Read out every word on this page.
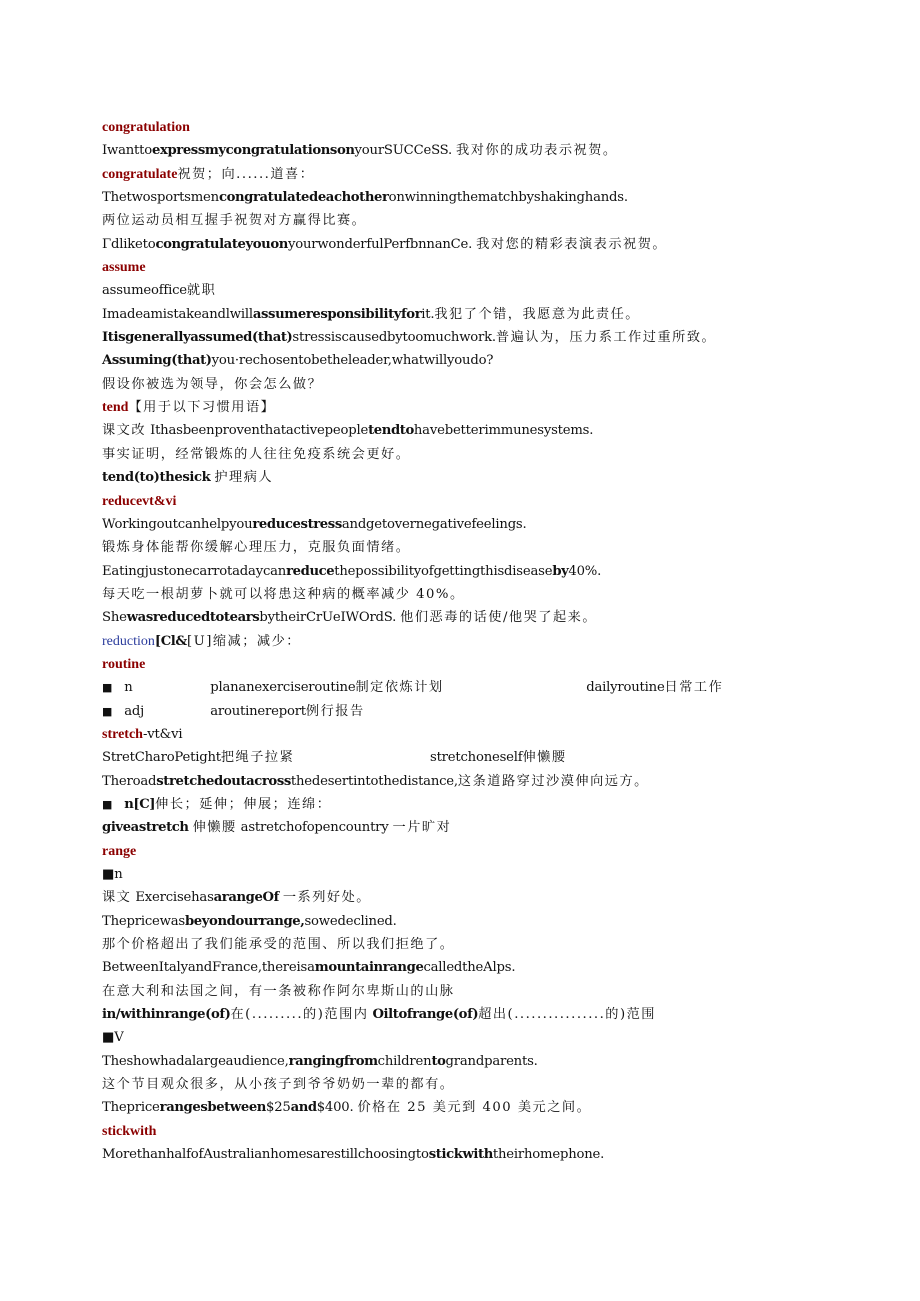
congratulation
IwanttoexpressmycongratulationsonyourSUCCeSS. 我对你的成功表示祝贺。
congratulate祝贺；向......道喜：
Thetwosportsmencongratulatedeachotheronwinningthematchbyshakinghands.
两位运动员相互握手祝贺对方赢得比赛。
ΓdliketocongratulateyouonyourwonderfulPerfbnnanCe. 我对您的精彩表演表示祝贺。
assume
assumeoffice就职
Imadeamistakeandlwillassumeresponsibilityforit.我犯了个错，我愿意为此责任。
Itisgenerallyassumed(that)stressiscausedbytoomuchwork.普遍认为，压力系工作过重所致。
Assuming(that)you·rechosentobetheleader,whatwillyoudo?
假设你被选为领导，你会怎么做？
tend【用于以下习惯用语】
课文改 Ithasbeenproventhatactivepeopletendtohavebetterimmunesystems.
事实证明，经常锻炼的人往往免疫系统会更好。
tend(to)thesick 护理病人
reducevt&vi
Workingoutcanhelpyoureducestressandgetovernegativefeelings.
锻炼身体能帮你缓解心理压力，克服负面情绪。
Eatingjustonecarrotadaycanreducethepossibilityofgettingthisdiseaseby40%.
每天吃一根胡萝卜就可以将患这种病的概率减少 40%。
ShewasreducedtotearsbytheirCrUeIWOrdS. 他们恶毒的话使/他哭了起来。
reduction[Cl&[U]缩减；减少：
routine
■ n	plananexerciseroutine制定依炼计划	dailyroutine日常工作
■ adj	aroutinereport例行报告
stretch-vt&vi
StretCharoPetight把绳子拉紧	stretchoneself伸懒腰
Theroadstretchedoutacrossthedesertintothedistance,这条道路穿过沙漠伸向远方。
■ n[C]伸长；延伸；伸展；连绵：
giveastretch 伸懒腰 astretchofopencountry 一片旷对
range
■n
课文 ExercisehasarangeOf 一系列好处。
Thepricewasbeyondourrange,sowedeclined.
那个价格超出了我们能承受的范围、所以我们拒绝了。
BetweenItalyandFrance,thereisamountainrangecalledtheAlps.
在意大利和法国之间，有一条被称作阿尔卑斯山的山脉
in/withinrange(of)在(.........的)范围内 Oiltofrange(of)超出(................的)范围
■V
Theshowhadalargeaudience,rangingfromchildrentograndparents.
这个节目观众很多，从小孩子到爷爷奶奶一辈的都有。
Thepricerangesbetween$25and$400. 价格在 25 美元到 400 美元之间。
stickwith
MorethanhalfofAustralianhomesarestillchoosingtostickwiththeirhomephone.
